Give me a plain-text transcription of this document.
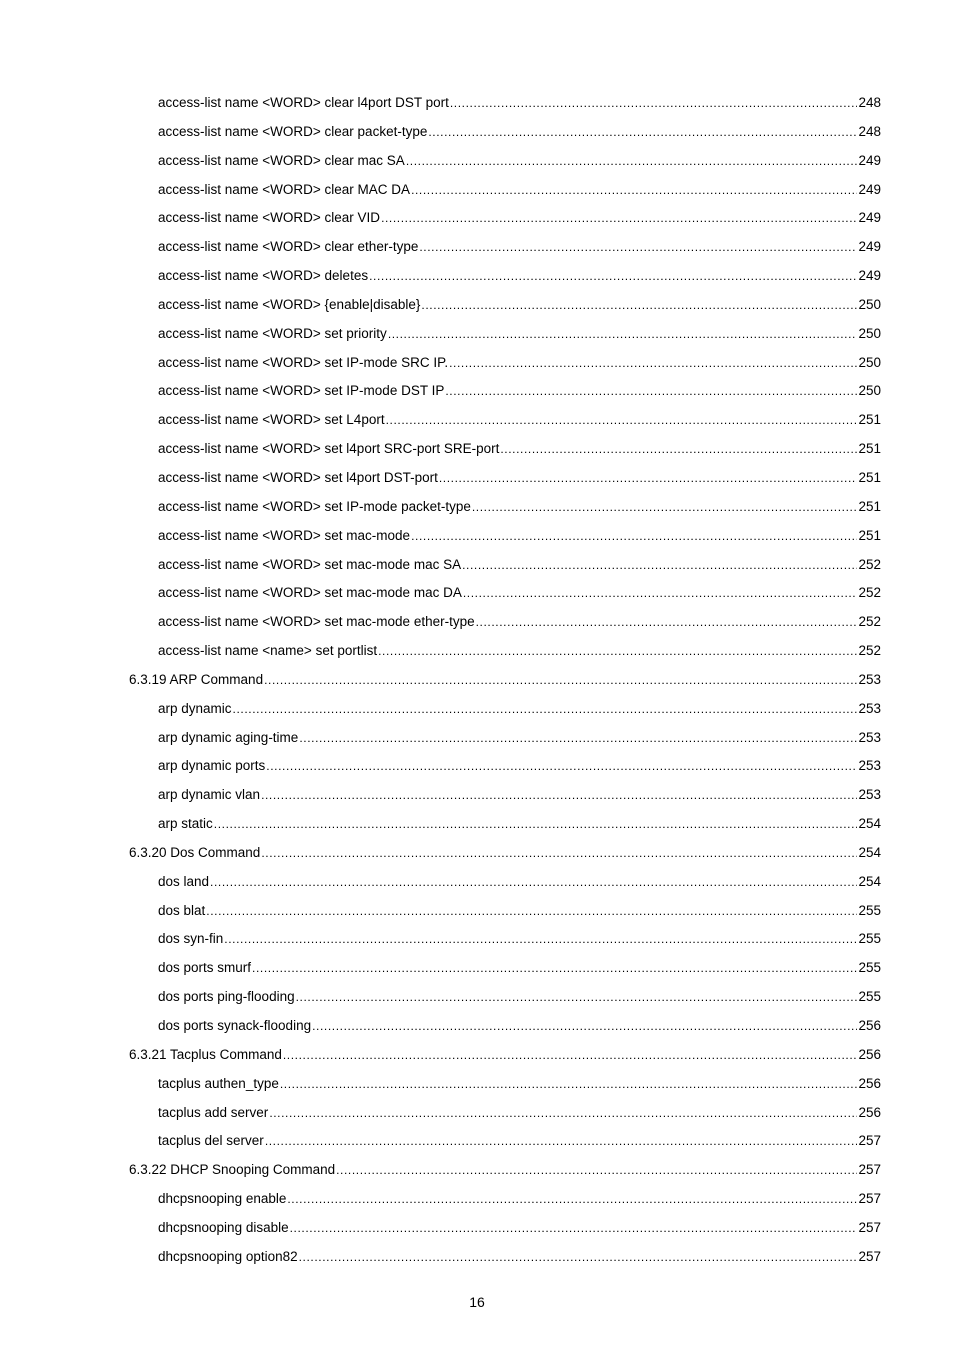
access-list name <WORD> clear l4port DST port .....	248
access-list name <WORD> clear packet-type .....	248
access-list name <WORD> clear mac SA .....	249
access-list name <WORD> clear MAC DA .....	249
access-list name <WORD> clear VID .....	249
access-list name <WORD> clear ether-type .....	249
access-list name <WORD> deletes .....	249
access-list name <WORD> {enable|disable} .....	250
access-list name <WORD> set priority .....	250
access-list name <WORD> set IP-mode SRC IP. .....	250
access-list name <WORD> set IP-mode DST IP .....	250
access-list name <WORD> set L4port .....	251
access-list name <WORD> set l4port SRC-port SRE-port .....	251
access-list name <WORD> set l4port DST-port .....	251
access-list name <WORD> set IP-mode packet-type .....	251
access-list name <WORD> set mac-mode .....	251
access-list name <WORD> set mac-mode mac SA .....	252
access-list name <WORD> set mac-mode mac DA .....	252
access-list name <WORD> set mac-mode ether-type .....	252
access-list name <name> set portlist .....	252
6.3.19 ARP Command .....	253
arp dynamic .....	253
arp dynamic aging-time .....	253
arp dynamic ports .....	253
arp dynamic vlan .....	253
arp static .....	254
6.3.20 Dos Command .....	254
dos land .....	254
dos blat .....	255
dos syn-fin .....	255
dos ports smurf .....	255
dos ports ping-flooding .....	255
dos ports synack-flooding .....	256
6.3.21 Tacplus Command .....	256
tacplus authen_type .....	256
tacplus add server .....	256
tacplus del server .....	257
6.3.22 DHCP Snooping Command .....	257
dhcpsnooping enable .....	257
dhcpsnooping disable .....	257
dhcpsnooping option82 .....	257
16
